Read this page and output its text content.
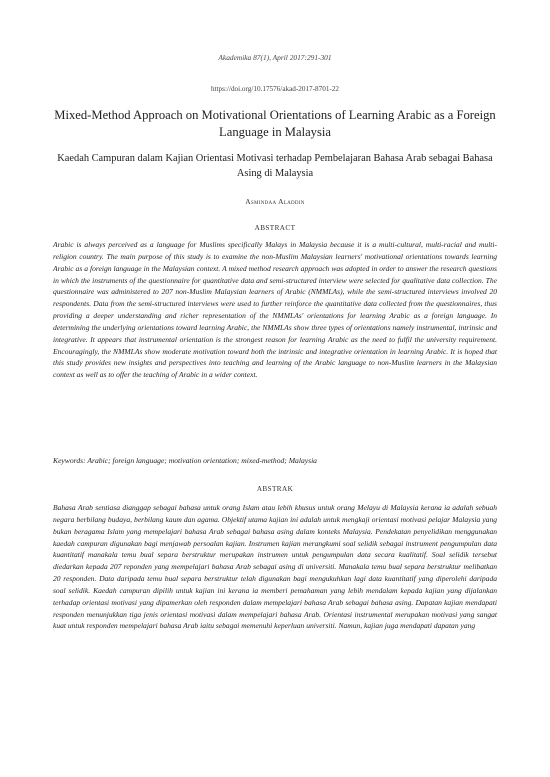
Akademika 87(1), April 2017:291-301
https://doi.org/10.17576/akad-2017-8701-22
Mixed-Method Approach on Motivational Orientations of Learning Arabic as a Foreign Language in Malaysia
Kaedah Campuran dalam Kajian Orientasi Motivasi terhadap Pembelajaran Bahasa Arab sebagai Bahasa Asing di Malaysia
Asmindaa Aladdin
ABSTRACT

Arabic is always perceived as a language for Muslims specifically Malays in Malaysia because it is a multi-cultural, multi-racial and multi-religion country. The main purpose of this study is to examine the non-Muslim Malaysian learners' motivational orientations towards learning Arabic as a foreign language in the Malaysian context. A mixed method research approach was adopted in order to answer the research questions in which the instruments of the questionnaire for quantitative data and semi-structured interview were selected for qualitative data collection. The questionnaire was administered to 207 non-Muslim Malaysian learners of Arabic (NMMLAs), while the semi-structured interviews involved 20 respondents. Data from the semi-structured interviews were used to further reinforce the quantitative data collected from the questionnaires, thus providing a deeper understanding and richer representation of the NMMLAs' orientations for learning Arabic as a foreign language. In determining the underlying orientations toward learning Arabic, the NMMLAs show three types of orientations namely instrumental, intrinsic and integrative. It appears that instrumental orientation is the strongest reason for learning Arabic as the need to fulfil the university requirement. Encouragingly, the NMMLAs show moderate motivation toward both the intrinsic and integrative orientation in learning Arabic. It is hoped that this study provides new insights and perspectives into teaching and learning of the Arabic language to non-Muslim learners in the Malaysian context as well as to offer the teaching of Arabic in a wider context.

Keywords: Arabic; foreign language; motivation orientation; mixed-method; Malaysia
ABSTRAK

Bahasa Arab sentiasa dianggap sebagai bahasa untuk orang Islam atau lebih khusus untuk orang Melayu di Malaysia kerana ia adalah sebuah negara berbilang budaya, berbilang kaum dan agama. Objektif utama kajian ini adalah untuk mengkaji orientasi motivasi pelajar Malaysia yang bukan beragama Islam yang mempelajari bahasa Arab sebagai bahasa asing dalam konteks Malaysia. Pendekatan penyelidikan menggunakan kaedah campuran digunakan bagi menjawab persoalan kajian. Instrumen kajian merangkumi soal selidik sebagai instrument pengumpulan data kuantitatif manakala temu bual separa berstruktur merupakan instrumen untuk pengumpulan data secara kualitatif. Soal selidik tersebut diedarkan kepada 207 reponden yang mempelajari bahasa Arab sebagai asing di universiti. Manakala temu bual separa berstruktur melibatkan 20 responden. Data daripada temu bual separa berstruktur telah digunakan bagi mengukuhkan lagi data kuantitatif yang diperolehi daripada soal selidik. Kaedah campuran dipilih untuk kajian ini kerana ia memberi pemahaman yang lebih mendalam kepada kajian yang dijalankan terhadap orientasi motivasi yang dipamerkan oleh responden dalam mempelajari bahasa Arab sebagai bahasa asing. Dapatan kajian mendapati responden menunjukkan tiga jenis orientasi motivasi dalam mempelajari bahasa Arab. Orientasi instrumental merupakan motivasi yang sangat kuat untuk responden mempelajari bahasa Arab iaitu sebagai memenuhi keperluan universiti. Namun, kajian juga mendapati dapatan yang
